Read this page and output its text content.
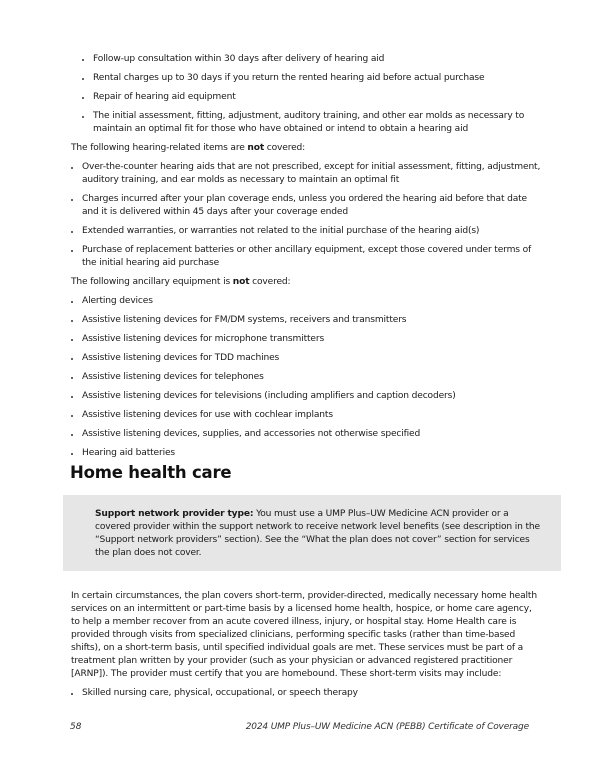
Follow-up consultation within 30 days after delivery of hearing aid
Rental charges up to 30 days if you return the rented hearing aid before actual purchase
Repair of hearing aid equipment
The initial assessment, fitting, adjustment, auditory training, and other ear molds as necessary to maintain an optimal fit for those who have obtained or intend to obtain a hearing aid

The following hearing-related items are not covered:

Over-the-counter hearing aids that are not prescribed, except for initial assessment, fitting, adjustment, auditory training, and ear molds as necessary to maintain an optimal fit
Charges incurred after your plan coverage ends, unless you ordered the hearing aid before that date and it is delivered within 45 days after your coverage ended
Extended warranties, or warranties not related to the initial purchase of the hearing aid(s)
Purchase of replacement batteries or other ancillary equipment, except those covered under terms of the initial hearing aid purchase

The following ancillary equipment is not covered:

Alerting devices
Assistive listening devices for FM/DM systems, receivers and transmitters
Assistive listening devices for microphone transmitters
Assistive listening devices for TDD machines
Assistive listening devices for telephones
Assistive listening devices for televisions (including amplifiers and caption decoders)
Assistive listening devices for use with cochlear implants
Assistive listening devices, supplies, and accessories not otherwise specified
Hearing aid batteries
Home health care

Support network provider type: You must use a UMP Plus–UW Medicine ACN provider or a covered provider within the support network to receive network level benefits (see description in the “Support network providers” section). See the “What the plan does not cover” section for services the plan does not cover.

In certain circumstances, the plan covers short-term, provider-directed, medically necessary home health services on an intermittent or part-time basis by a licensed home health, hospice, or home care agency, to help a member recover from an acute covered illness, injury, or hospital stay. Home Health care is provided through visits from specialized clinicians, performing specific tasks (rather than time-based shifts), on a short-term basis, until specified individual goals are met. These services must be part of a treatment plan written by your provider (such as your physician or advanced registered practitioner [ARNP]). The provider must certify that you are homebound. These short-term visits may include:

Skilled nursing care, physical, occupational, or speech therapy
58	2024 UMP Plus–UW Medicine ACN (PEBB) Certificate of Coverage
